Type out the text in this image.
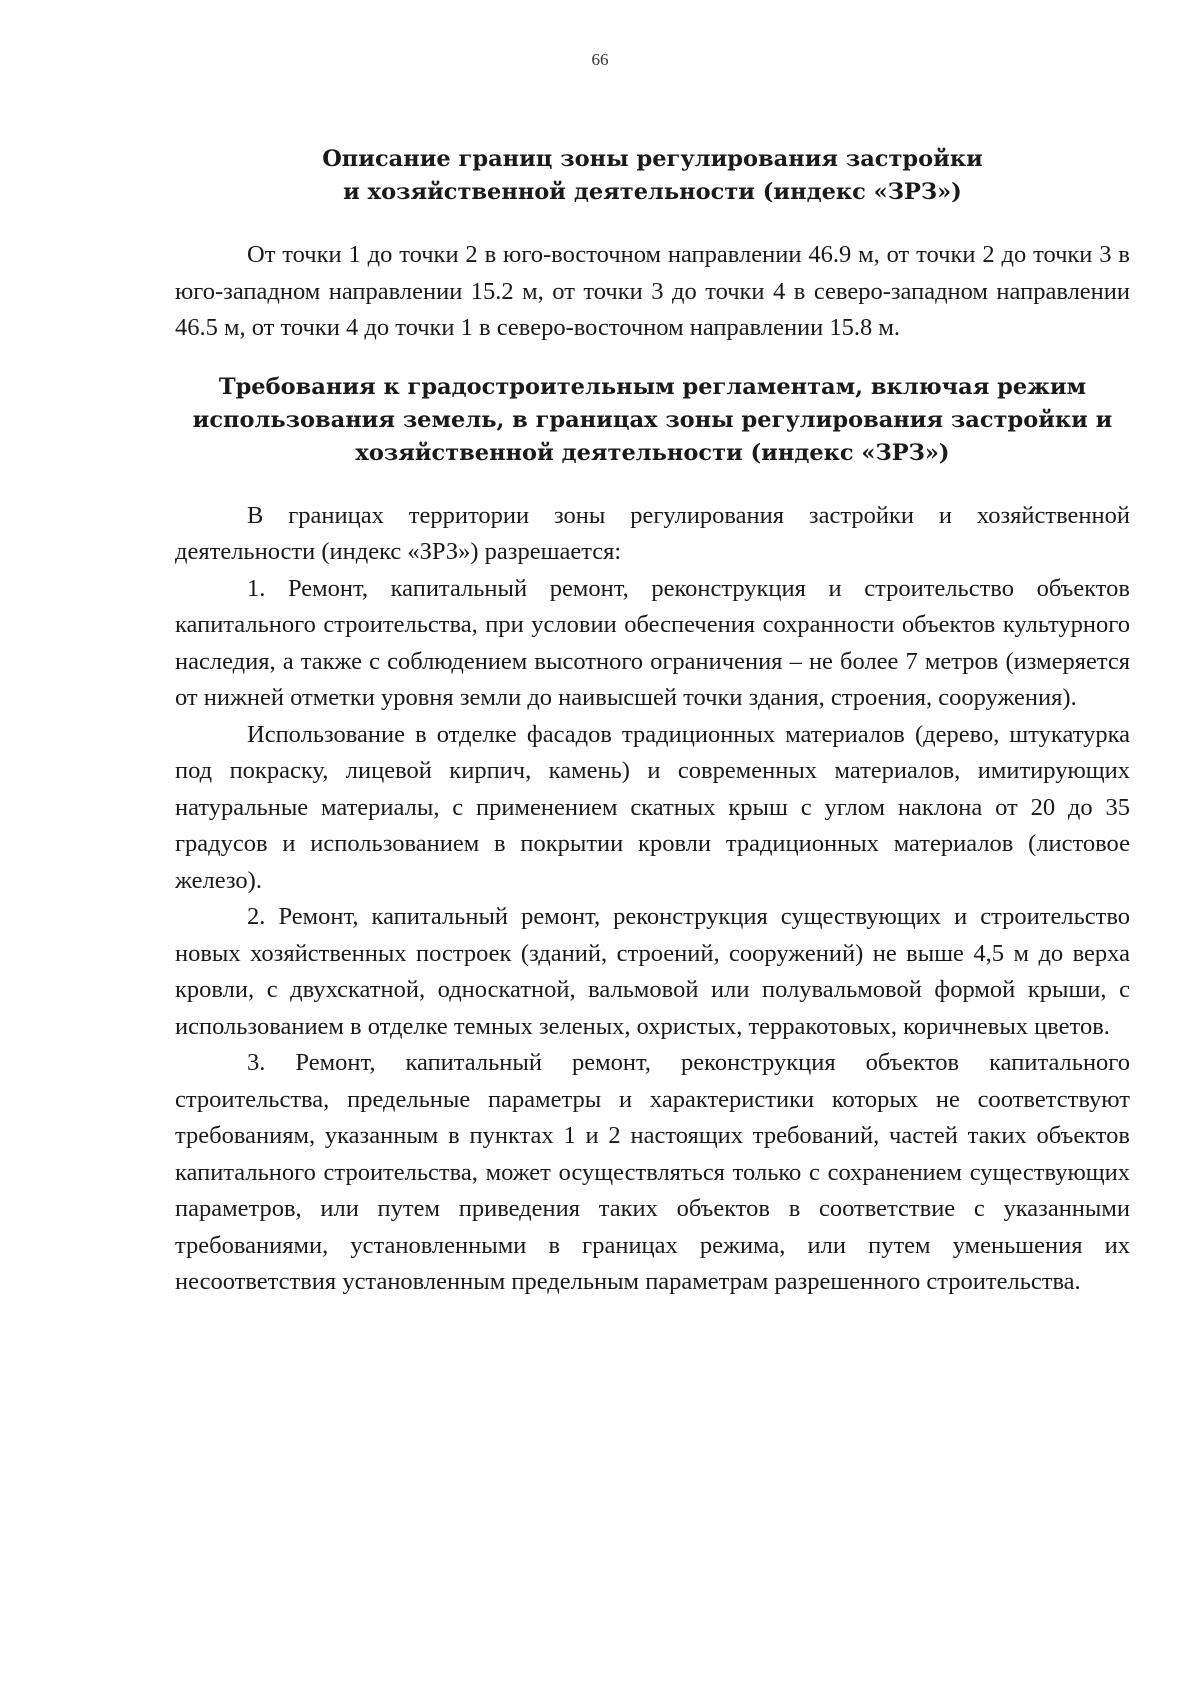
66
Описание границ зоны регулирования застройки
и хозяйственной деятельности (индекс «ЗРЗ»)

От точки 1 до точки 2 в юго-восточном направлении 46.9 м, от точки 2 до точки 3 в юго-западном направлении 15.2 м, от точки 3 до точки 4 в северо-западном направлении 46.5 м, от точки 4 до точки 1 в северо-восточном направлении 15.8 м.

Требования к градостроительным регламентам, включая режим
использования земель, в границах зоны регулирования застройки и
хозяйственной деятельности (индекс «ЗРЗ»)

В границах территории зоны регулирования застройки и хозяйственной деятельности (индекс «ЗРЗ») разрешается:

1. Ремонт, капитальный ремонт, реконструкция и строительство объектов капитального строительства, при условии обеспечения сохранности объектов культурного наследия, а также с соблюдением высотного ограничения – не более 7 метров (измеряется от нижней отметки уровня земли до наивысшей точки здания, строения, сооружения).

Использование в отделке фасадов традиционных материалов (дерево, штукатурка под покраску, лицевой кирпич, камень) и современных материалов, имитирующих натуральные материалы, с применением скатных крыш с углом наклона от 20 до 35 градусов и использованием в покрытии кровли традиционных материалов (листовое железо).

2. Ремонт, капитальный ремонт, реконструкция существующих и строительство новых хозяйственных построек (зданий, строений, сооружений) не выше 4,5 м до верха кровли, с двухскатной, односкатной, вальмовой или полувальмовой формой крыши, с использованием в отделке темных зеленых, охристых, терракотовых, коричневых цветов.

3. Ремонт, капитальный ремонт, реконструкция объектов капитального строительства, предельные параметры и характеристики которых не соответствуют требованиям, указанным в пунктах 1 и 2 настоящих требований, частей таких объектов капитального строительства, может осуществляться только с сохранением существующих параметров, или путем приведения таких объектов в соответствие с указанными требованиями, установленными в границах режима, или путем уменьшения их несоответствия установленным предельным параметрам разрешенного строительства.
